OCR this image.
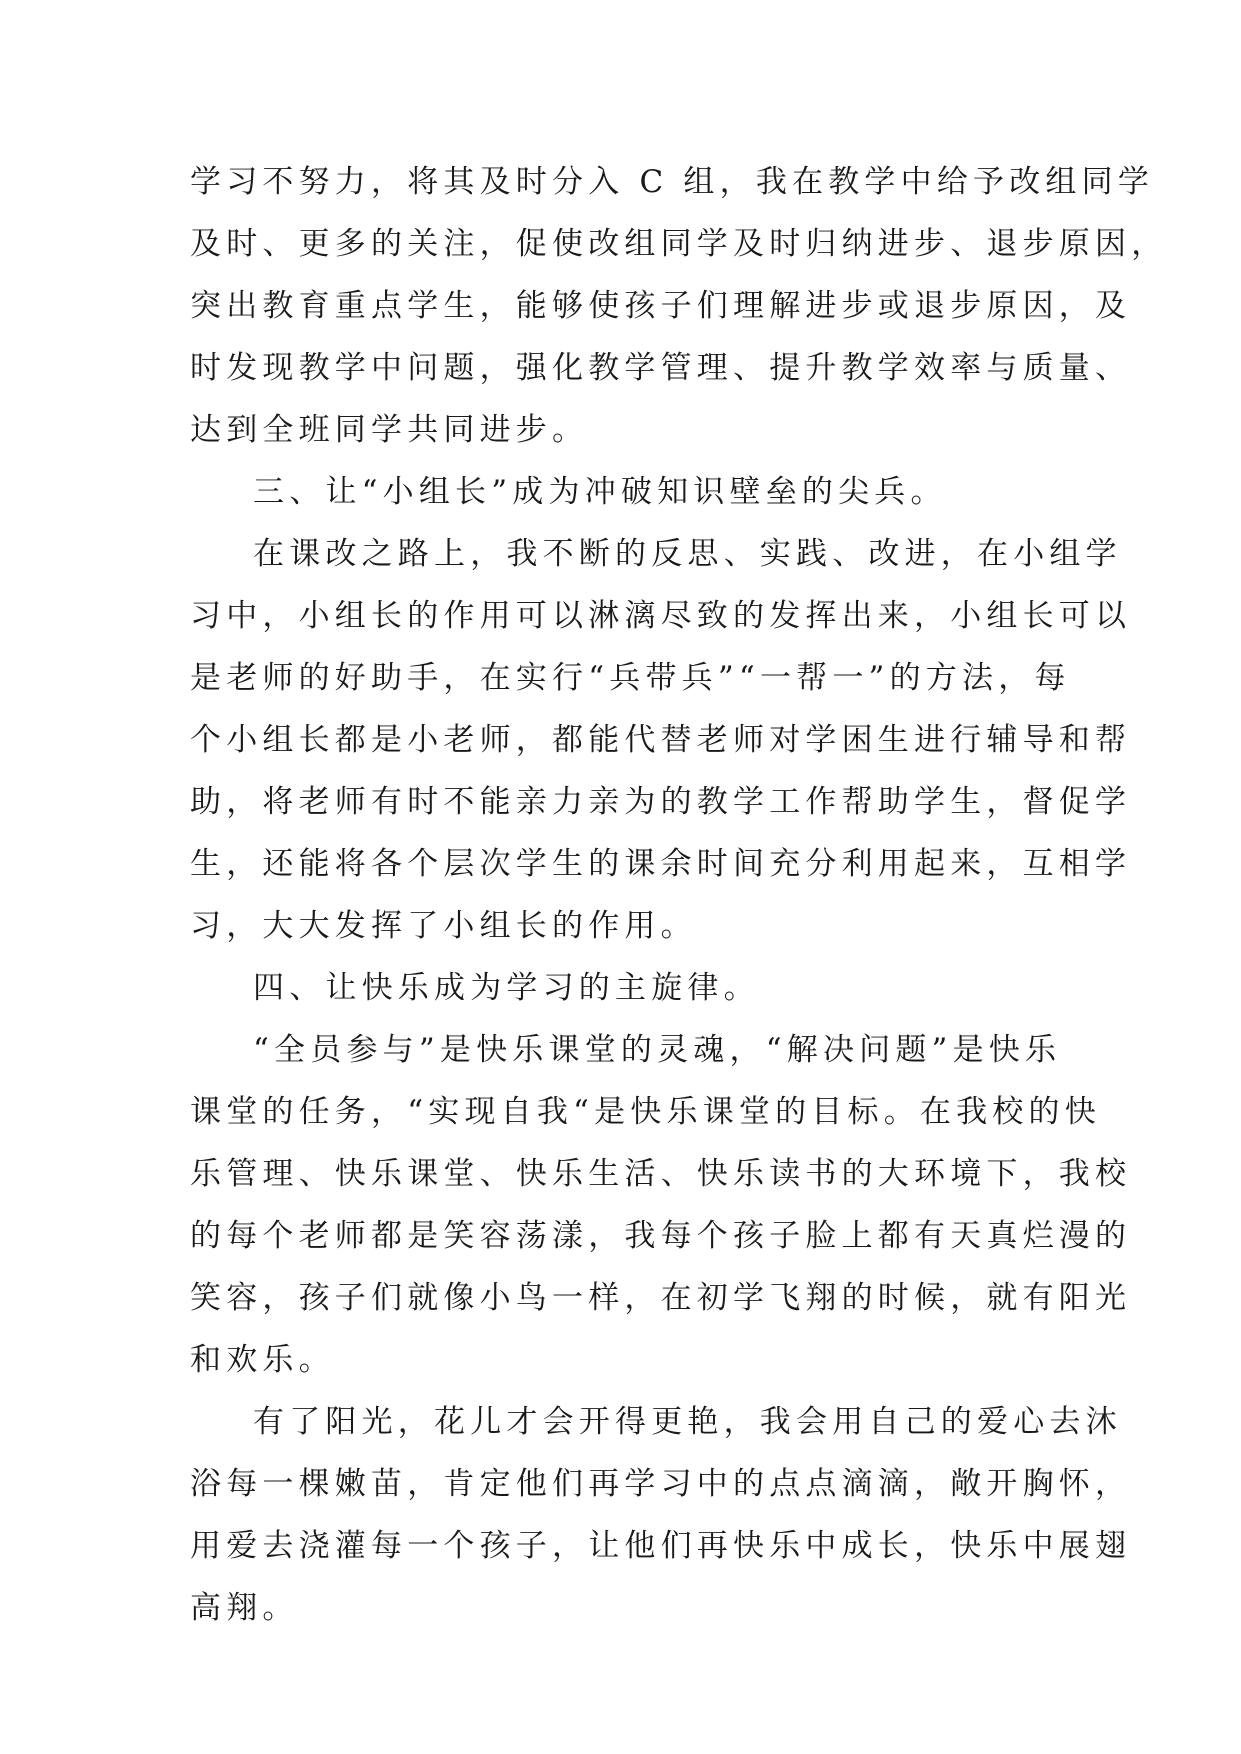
学习不努力，将其及时分入 C 组，我在教学中给予改组同学
及时、更多的关注，促使改组同学及时归纳进步、退步原因，
突出教育重点学生，能够使孩子们理解进步或退步原因，及
时发现教学中问题，强化教学管理、提升教学效率与质量、
达到全班同学共同进步。
三、让“小组长”成为冲破知识壁垒的尖兵。
在课改之路上，我不断的反思、实践、改进，在小组学
习中，小组长的作用可以淋漓尽致的发挥出来，小组长可以
是老师的好助手，在实行“兵带兵”“一帮一”的方法，每
个小组长都是小老师，都能代替老师对学困生进行辅导和帮
助，将老师有时不能亲力亲为的教学工作帮助学生，督促学
生，还能将各个层次学生的课余时间充分利用起来，互相学
习，大大发挥了小组长的作用。
四、让快乐成为学习的主旋律。
“全员参与”是快乐课堂的灵魂，“解决问题”是快乐
课堂的任务，“实现自我“是快乐课堂的目标。在我校的快
乐管理、快乐课堂、快乐生活、快乐读书的大环境下，我校
的每个老师都是笑容荡漾，我每个孩子脸上都有天真烂漫的
笑容，孩子们就像小鸟一样，在初学飞翔的时候，就有阳光
和欢乐。
有了阳光，花儿才会开得更艳，我会用自己的爱心去沐
浴每一棵嫩苗，肯定他们再学习中的点点滴滴，敞开胸怀，
用爱去浇灌每一个孩子，让他们再快乐中成长，快乐中展翅
高翔。
